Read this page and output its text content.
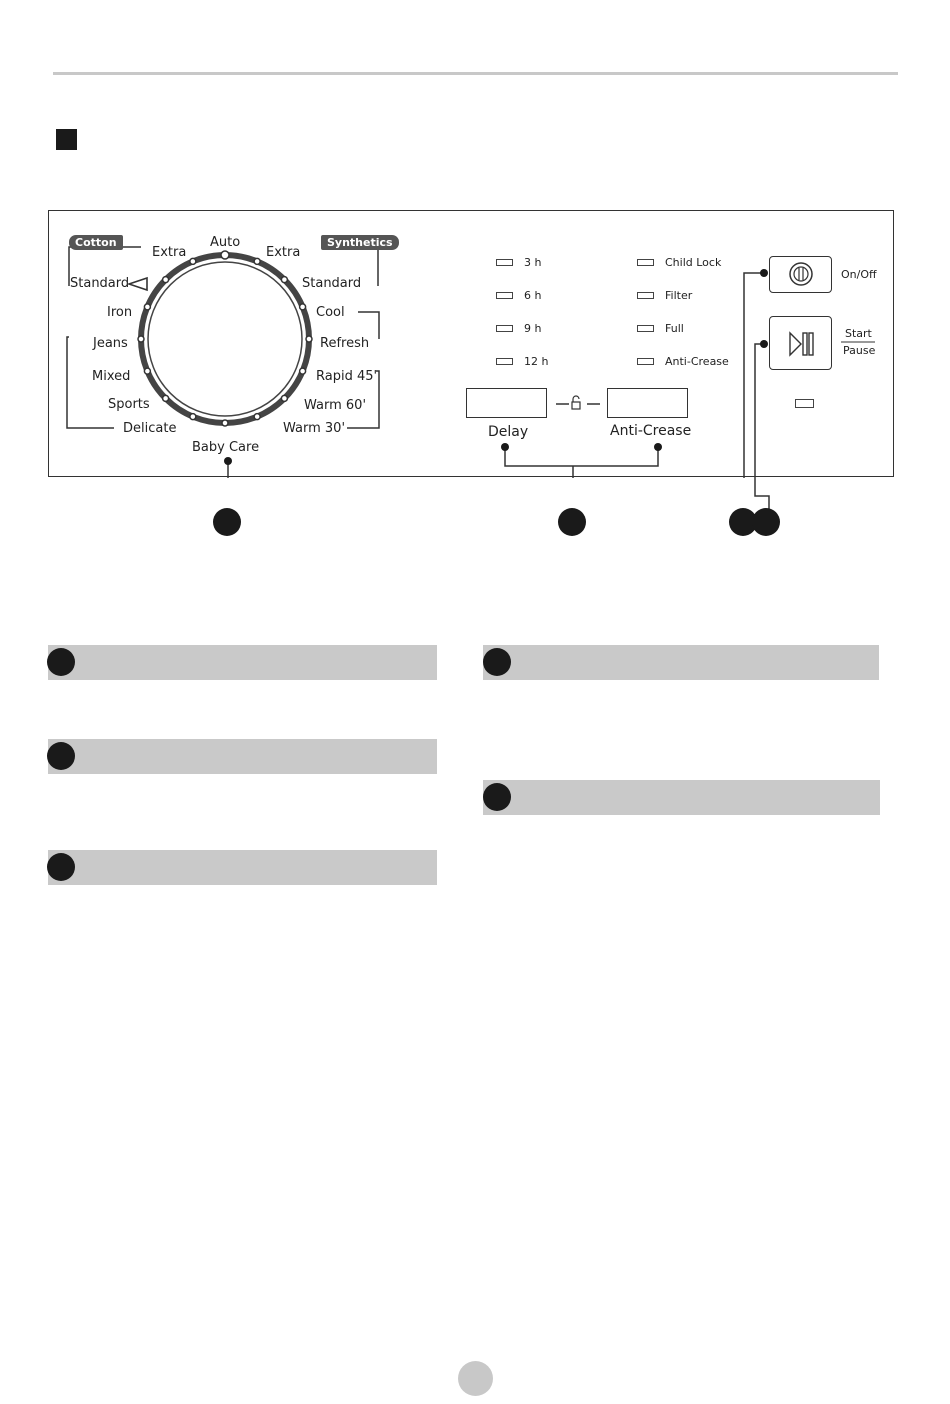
Cotton	Synthetics
Auto
Extra	Extra
Standard	Standard
Iron	Cool
Jeans	Refresh
Mixed	Rapid 45'
Sports	Warm 60'
Delicate	Warm 30'
Baby Care
3 h
6 h
9 h
12 h
Child Lock
Filter
Full
Anti-Crease
Delay	Anti-Crease
On/Off
Start
Pause
